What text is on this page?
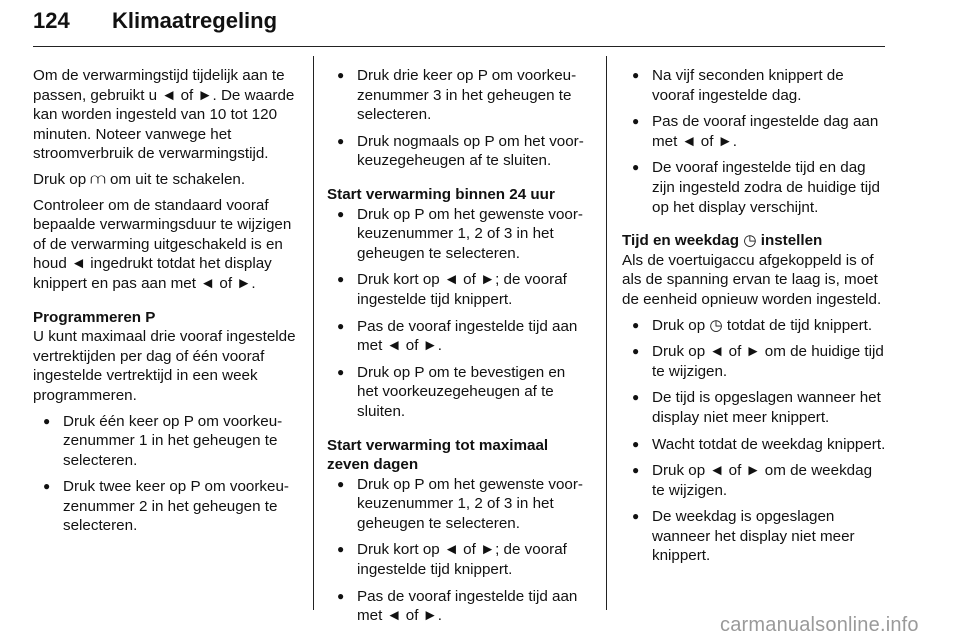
124 Klimaatregeling

Om de verwarmingstijd tijdelijk aan te passen, gebruikt u ◄ of ►. De waarde kan worden ingesteld van 10 tot 120 minuten. Noteer vanwege het stroomverbruik de verwarmingstijd.

Druk op ⩋ om uit te schakelen.

Controleer om de standaard vooraf bepaalde verwarmingsduur te wijzigen of de verwarming uitgeschakeld is en houd ◄ ingedrukt totdat het display knippert en pas aan met ◄ of ►.

Programmeren P

U kunt maximaal drie vooraf ingestelde vertrektijden per dag of één vooraf ingestelde vertrektijd in een week programmeren.

● Druk één keer op P om voorkeuzenummer 1 in het geheugen te selecteren.
● Druk twee keer op P om voorkeuzenummer 2 in het geheugen te selecteren.
● Druk drie keer op P om voorkeuzenummer 3 in het geheugen te selecteren.
● Druk nogmaals op P om het voorkeuzegeheugen af te sluiten.

Start verwarming binnen 24 uur

● Druk op P om het gewenste voorkeuzenummer 1, 2 of 3 in het geheugen te selecteren.
● Druk kort op ◄ of ►; de vooraf ingestelde tijd knippert.
● Pas de vooraf ingestelde tijd aan met ◄ of ►.
● Druk op P om te bevestigen en het voorkeuzegeheugen af te sluiten.

Start verwarming tot maximaal zeven dagen

● Druk op P om het gewenste voorkeuzenummer 1, 2 of 3 in het geheugen te selecteren.
● Druk kort op ◄ of ►; de vooraf ingestelde tijd knippert.
● Pas de vooraf ingestelde tijd aan met ◄ of ►.
● Na vijf seconden knippert de vooraf ingestelde dag.
● Pas de vooraf ingestelde dag aan met ◄ of ►.
● De vooraf ingestelde tijd en dag zijn ingesteld zodra de huidige tijd op het display verschijnt.

Tijd en weekdag ◷ instellen

Als de voertuigaccu afgekoppeld is of als de spanning ervan te laag is, moet de eenheid opnieuw worden ingesteld.

● Druk op ◷ totdat de tijd knippert.
● Druk op ◄ of ► om de huidige tijd te wijzigen.
● De tijd is opgeslagen wanneer het display niet meer knippert.
● Wacht totdat de weekdag knippert.
● Druk op ◄ of ► om de weekdag te wijzigen.
● De weekdag is opgeslagen wanneer het display niet meer knippert.
carmanualsonline.info
